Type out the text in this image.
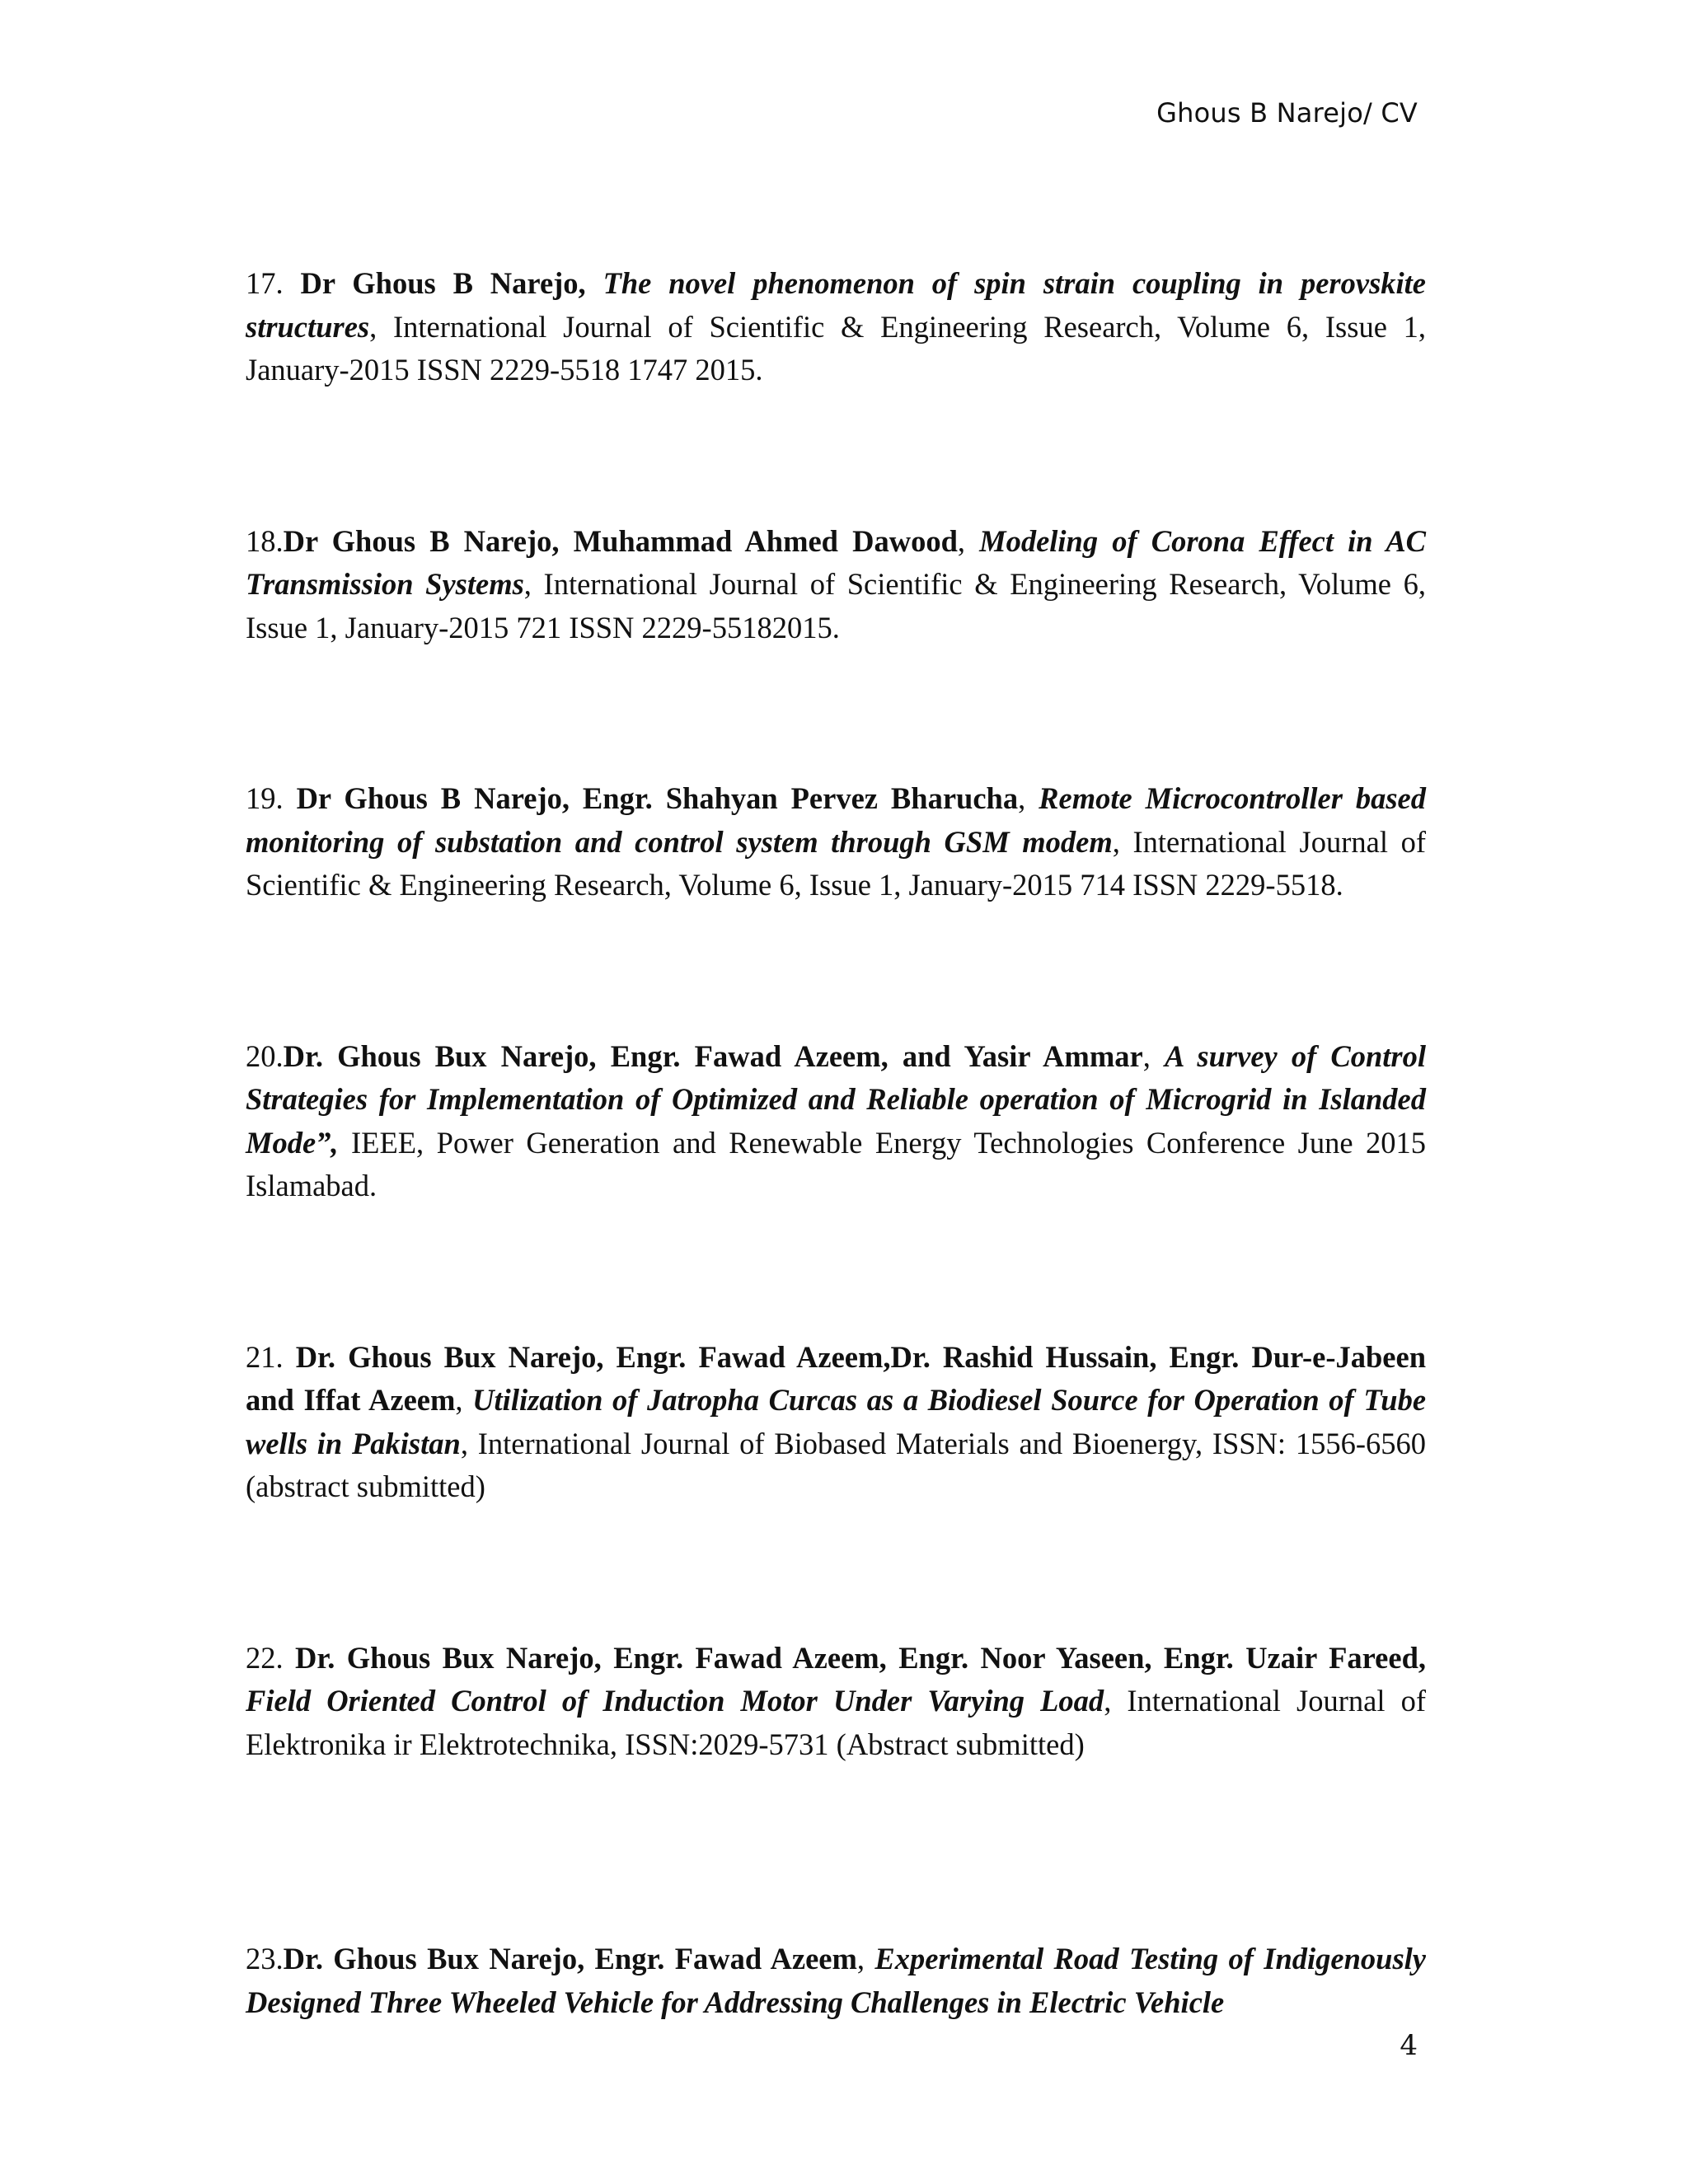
Ghous B Narejo/ CV

17. Dr Ghous B Narejo, The novel phenomenon of spin strain coupling in perovskite structures, International Journal of Scientific & Engineering Research, Volume 6, Issue 1, January-2015 ISSN 2229-5518 1747 2015.

18.Dr Ghous B Narejo, Muhammad Ahmed Dawood, Modeling of Corona Effect in AC Transmission Systems, International Journal of Scientific & Engineering Research, Volume 6, Issue 1, January-2015 721 ISSN 2229-55182015.

19. Dr Ghous B Narejo, Engr. Shahyan Pervez Bharucha, Remote Microcontroller based monitoring of substation and control system through GSM modem, International Journal of Scientific & Engineering Research, Volume 6, Issue 1, January-2015 714 ISSN 2229-5518.

20.Dr. Ghous Bux Narejo, Engr. Fawad Azeem, and Yasir Ammar, A survey of Control Strategies for Implementation of Optimized and Reliable operation of Microgrid in Islanded Mode”, IEEE, Power Generation and Renewable Energy Technologies Conference June 2015 Islamabad.

21. Dr. Ghous Bux Narejo, Engr. Fawad Azeem,Dr. Rashid Hussain, Engr. Dur-e-Jabeen and Iffat Azeem, Utilization of Jatropha Curcas as a Biodiesel Source for Operation of Tube wells in Pakistan, International Journal of Biobased Materials and Bioenergy, ISSN: 1556-6560 (abstract submitted)

22. Dr. Ghous Bux Narejo, Engr. Fawad Azeem, Engr. Noor Yaseen, Engr. Uzair Fareed, Field Oriented Control of Induction Motor Under Varying Load, International Journal of Elektronika ir Elektrotechnika, ISSN:2029-5731 (Abstract submitted)

23.Dr. Ghous Bux Narejo, Engr. Fawad Azeem, Experimental Road Testing of Indigenously Designed Three Wheeled Vehicle for Addressing Challenges in Electric Vehicle

4
